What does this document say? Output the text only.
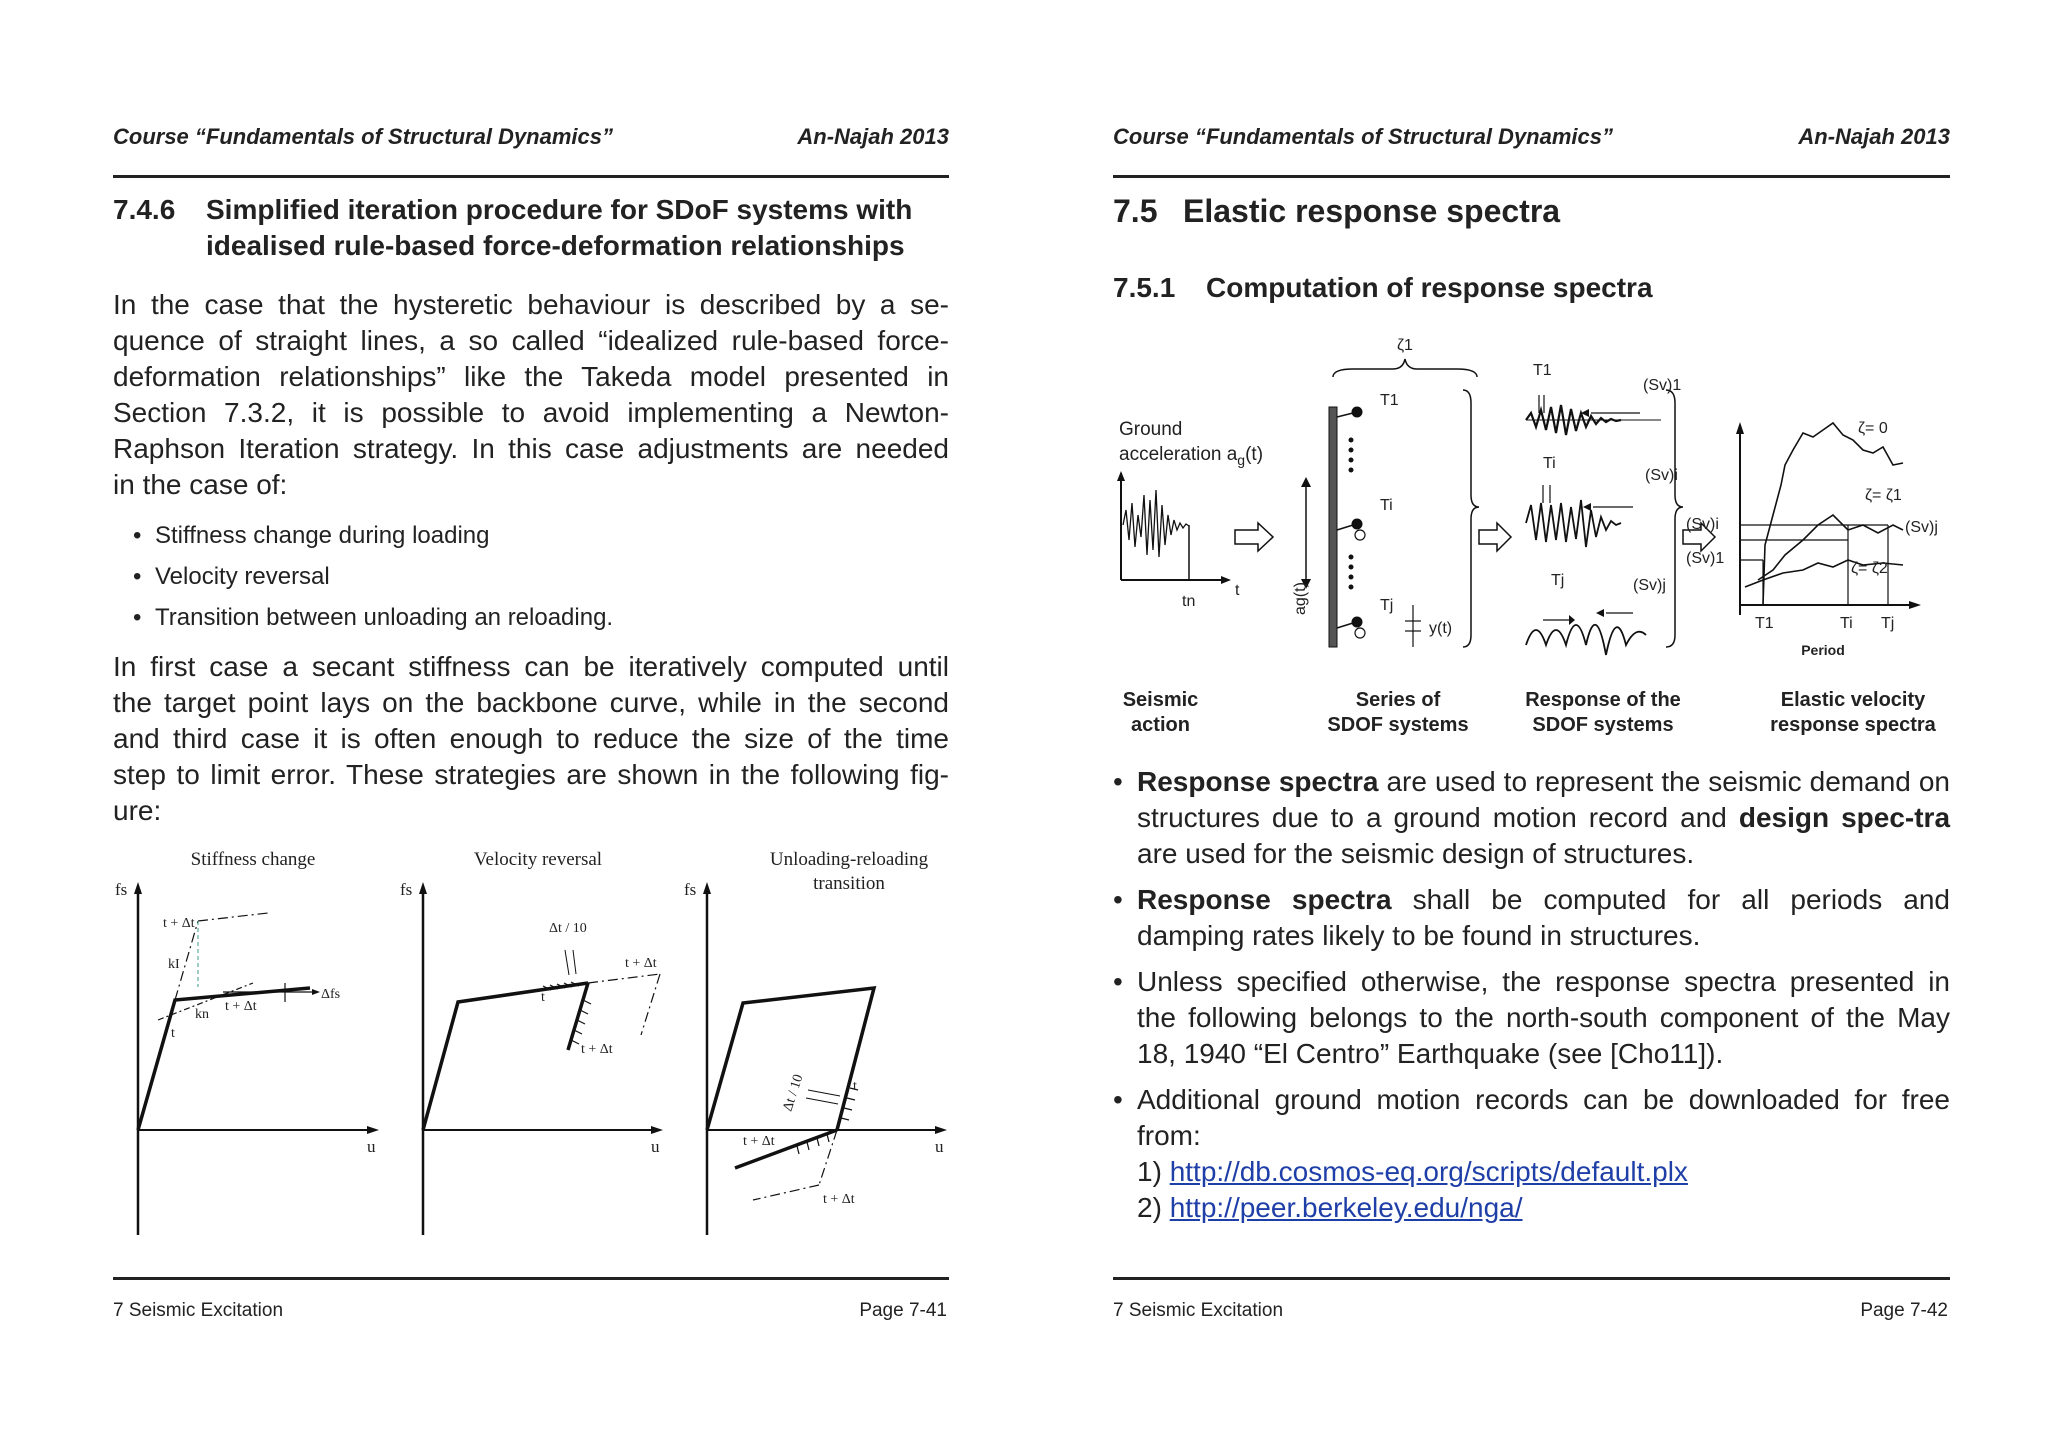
Course “Fundamentals of Structural Dynamics”	An-Najah 2013
7.4.6 Simplified iteration procedure for SDoF systems with
idealised rule-based force-deformation relationships
In the case that the hysteretic behaviour is described by a se-
quence of straight lines, a so called “idealized rule-based force-
deformation relationships” like the Takeda model presented in
Section 7.3.2, it is possible to avoid implementing a Newton-
Raphson Iteration strategy. In this case adjustments are needed
in the case of:
• Stiffness change during loading
• Velocity reversal
• Transition between unloading an reloading.
In first case a secant stiffness can be iteratively computed until
the target point lays on the backbone curve, while in the second
and third case it is often enough to reduce the size of the time
step to limit error. These strategies are shown in the following fig-
ure:
Stiffness change	Velocity reversal	Unloading-reloading
transition
fs	fs	fs
u	u	u
t + Δt
kI
kn
t + Δt
Δfs
t
Δt / 10
t + Δt
t
t + Δt
t
t + Δt
t + Δt
Δt / 10
7 Seismic Excitation	Page 7-41
Course “Fundamentals of Structural Dynamics”	An-Najah 2013
7.5 Elastic response spectra
7.5.1 Computation of response spectra
Ground
acceleration $a_g(t)$
tn
t
ζ1
T1
Ti
Tj
y(t)
ag(t)
T1
(Sv)1
Ti
(Sv)i
Tj	(Sv)j
ζ= 0
ζ= ζ1
ζ= ζ2
(Sv)j
(Sv)i
(Sv)1
T1	Ti Tj
Period
Seismic
action
Series of
SDOF systems
Response of the
SDOF systems
Elastic velocity
response spectra
• Response spectra are used to represent the seismic demand on structures due to a ground motion record and design spec-tra are used for the seismic design of structures.
• Response spectra shall be computed for all periods and damping rates likely to be found in structures.
• Unless specified otherwise, the response spectra presented in the following belongs to the north-south component of the May 18, 1940 “El Centro” Earthquake (see [Cho11]).
• Additional ground motion records can be downloaded for free from:
1) http://db.cosmos-eq.org/scripts/default.plx
2) http://peer.berkeley.edu/nga/
7 Seismic Excitation	Page 7-42
